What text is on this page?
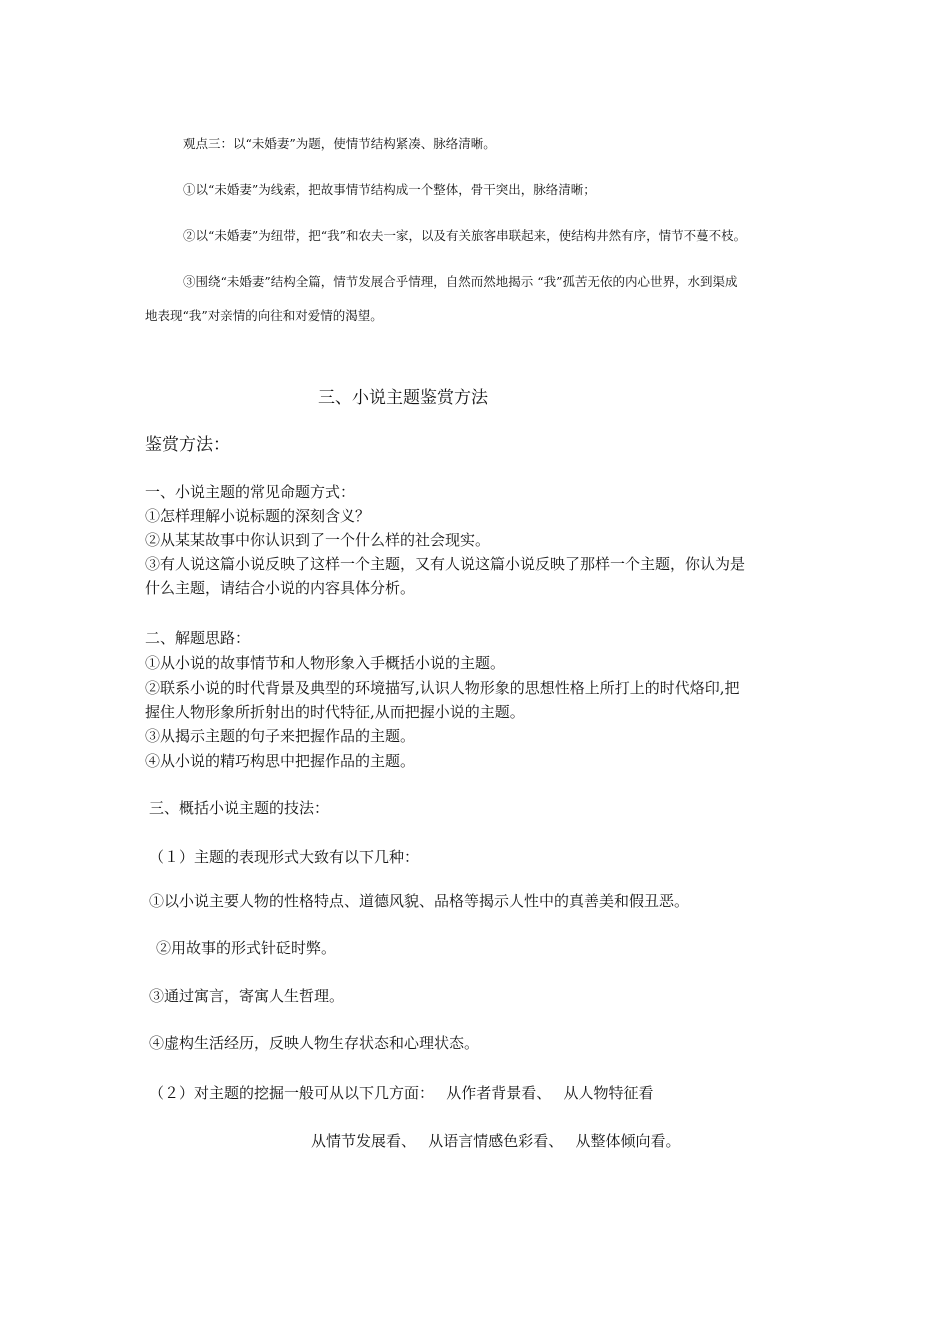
观点三：以“未婚妻”为题，使情节结构紧凑、脉络清晰。
①以“未婚妻”为线索，把故事情节结构成一个整体，骨干突出，脉络清晰；
②以“未婚妻”为纽带，把“我”和农夫一家，以及有关旅客串联起来，使结构井然有序，情节不蔓不枝。
③围绕“未婚妻”结构全篇，情节发展合乎情理，自然而然地揭示 “我”孤苦无依的内心世界，水到渠成
地表现“我”对亲情的向往和对爱情的渴望。
三、小说主题鉴赏方法
鉴赏方法：
一、小说主题的常见命题方式：
①怎样理解小说标题的深刻含义？
②从某某故事中你认识到了一个什么样的社会现实。
③有人说这篇小说反映了这样一个主题，又有人说这篇小说反映了那样一个主题，你认为是
什么主题，请结合小说的内容具体分析。
二、解题思路：
①从小说的故事情节和人物形象入手概括小说的主题。
②联系小说的时代背景及典型的环境描写,认识人物形象的思想性格上所打上的时代烙印,把
握住人物形象所折射出的时代特征,从而把握小说的主题。
③从揭示主题的句子来把握作品的主题。
④从小说的精巧构思中把握作品的主题。
三、概括小说主题的技法：
（１）主题的表现形式大致有以下几种：
①以小说主要人物的性格特点、道德风貌、品格等揭示人性中的真善美和假丑恶。
②用故事的形式针砭时弊。
③通过寓言，寄寓人生哲理。
④虚构生活经历，反映人物生存状态和心理状态。
（２）对主题的挖掘一般可从以下几方面：　 从作者背景看、　 从人物特征看
从情节发展看、　 从语言情感色彩看、　 从整体倾向看。
